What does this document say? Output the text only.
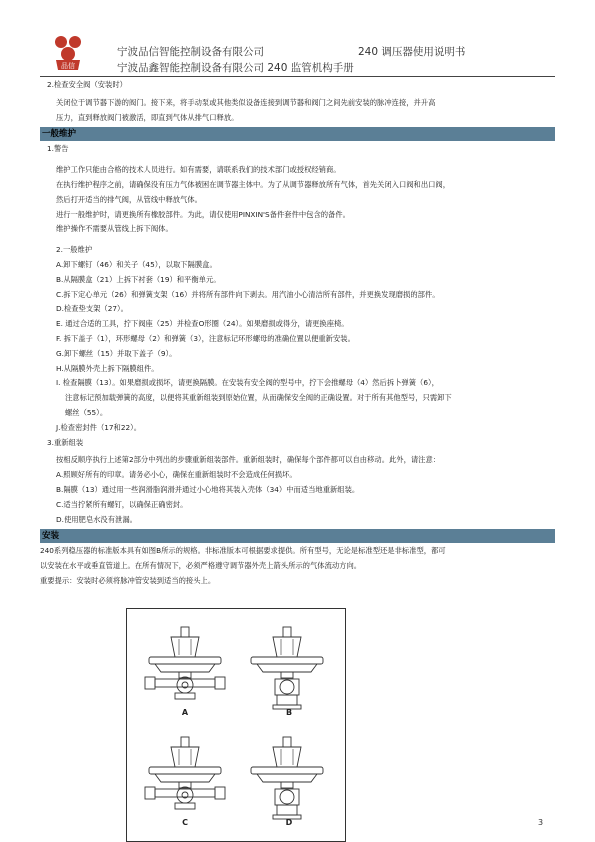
品信
宁波品信智能控制设备有限公司	240 调压器使用说明书
宁波品鑫智能控制设备有限公司 240 监管机构手册

2.检查安全阀（安装时）

关闭位于调节器下游的阀门。接下来，将手动泵或其他类似设备连接到调节器和阀门之间先前安装的脉冲连接，并升高

压力，直到释放阀门被激活，即直到气体从排气口释放。

一般维护

1.警告

维护工作只能由合格的技术人员进行。如有需要，请联系我们的技术部门或授权经销商。

在执行维护程序之前，请确保没有压力气体被困在调节器主体中。为了从调节器释放所有气体，首先关闭入口阀和出口阀，

然后打开适当的排气阀，从管线中释放气体。

进行一般维护时，请更换所有橡胶部件。为此，请仅使用PINXIN'S备件套件中包含的备件。

维护操作不需要从管线上拆下阀体。

2.一般维护

A.卸下螺钉（46）和关子（45），以取下隔膜盒。

B.从隔膜盒（21）上拆下衬套（19）和平衡单元。

C.拆下定心单元（26）和弹簧支架（16）并将所有部件向下剥去。用汽油小心清洁所有部件，并更换发现磨损的部件。

D.检查垫支架（27）。

E. 通过合适的工具，拧下阀座（25）并检查O形圈（24）。如果磨损或得分，请更换座椅。

F. 拆下盖子（1），环形螺母（2）和弹簧（3），注意标记环形螺母的准确位置以便重新安装。

G.卸下螺丝（15）并取下盖子（9）。

H.从隔膜外壳上拆下隔膜组件。

I. 检查隔膜（13）。如果磨损或损坏，请更换隔膜。在安装有安全阀的型号中，拧下会推螺母（4）然后拆卜弹簧（6），

注意标记预加载弹簧的高度，以便将其重新组装到原始位置，从而确保安全阀的正确设置。对于所有其他型号，只需卸下

螺丝（55）。

J.检查密封件（17和22）。

3.重新组装

按相反顺序执行上述第2部分中列出的步骤重新组装部件。重新组装时，确保每个部件都可以自由移动。此外，请注意：

A.照顾好所有的印章。请务必小心，确保在重新组装时不会造成任何损坏。

B.隔膜（13）通过用一些润滑脂润滑并通过小心地将其装入壳体（34）中而适当地重新组装。

C.适当拧紧所有螺钉，以确保正确密封。

D.使用肥皂水没有泄漏。

安装

240系列稳压器的标准版本具有如图B所示的规格。非标准版本可根据要求提供。所有型号，无论是标准型还是非标准型，都可

以安装在水平或垂直管道上。在所有情况下，必须严格遵守调节器外壳上箭头所示的气体流动方向。

重要提示：安装时必须将脉冲管安装到适当的接头上。

A	B
C	D	3
